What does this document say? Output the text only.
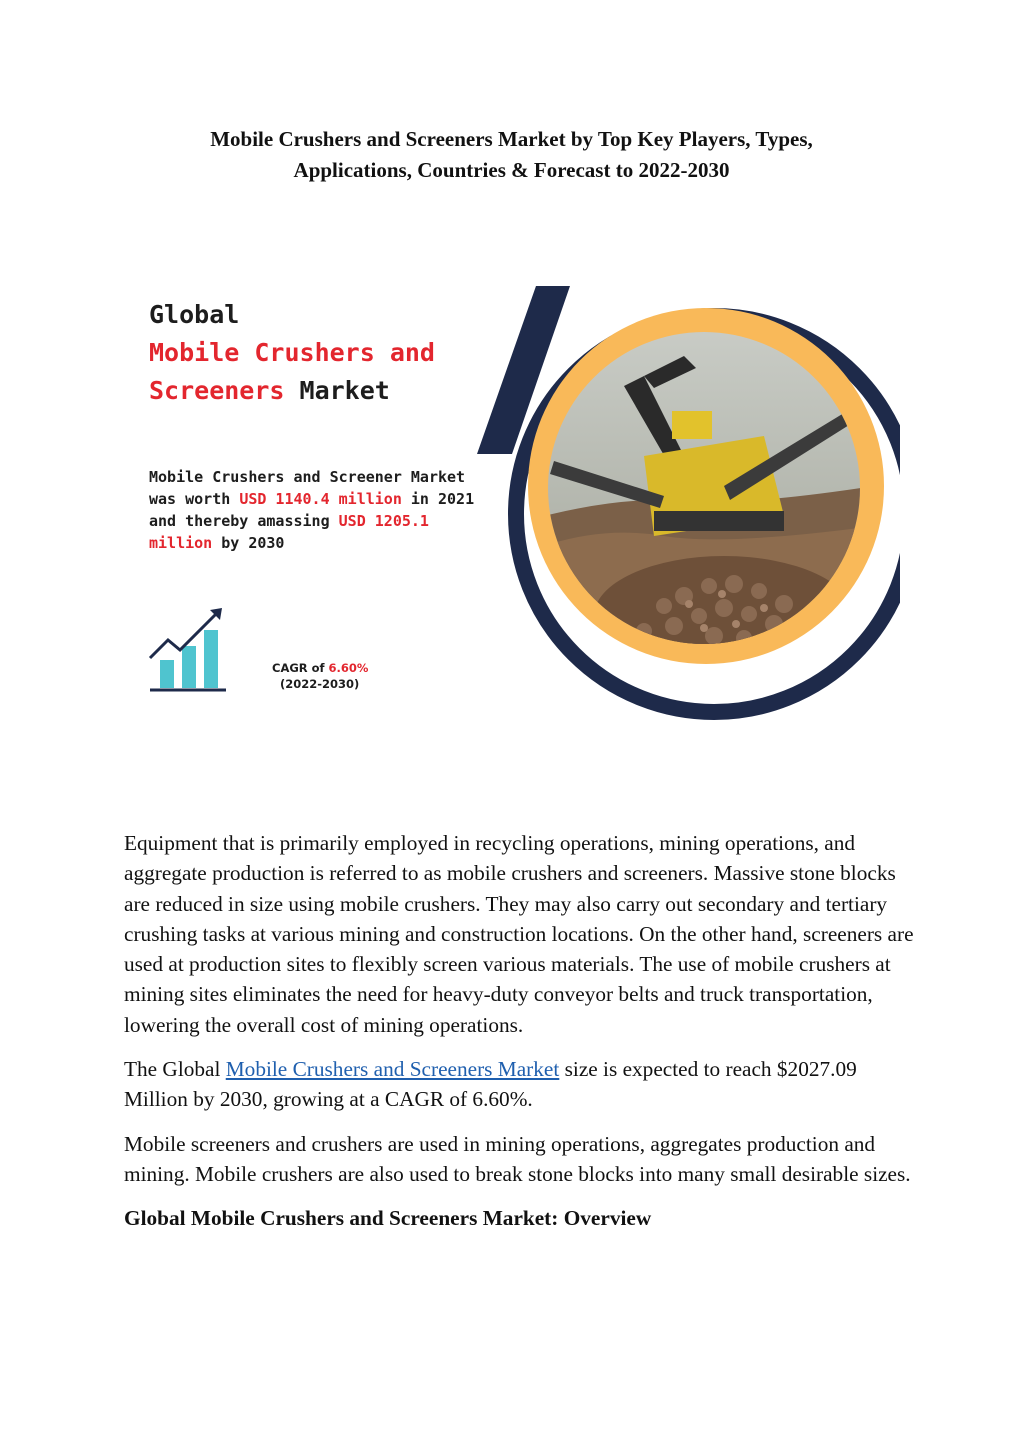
Mobile Crushers and Screeners Market by Top Key Players, Types,
Applications, Countries & Forecast to 2022-2030
Global
Mobile Crushers and
Screeners Market
Mobile Crushers and Screener Market was worth USD 1140.4 million in 2021 and thereby amassing USD 1205.1 million by 2030
CAGR of 6.60%
(2022-2030)

Equipment that is primarily employed in recycling operations, mining operations, and aggregate production is referred to as mobile crushers and screeners. Massive stone blocks are reduced in size using mobile crushers. They may also carry out secondary and tertiary crushing tasks at various mining and construction locations. On the other hand, screeners are used at production sites to flexibly screen various materials. The use of mobile crushers at mining sites eliminates the need for heavy-duty conveyor belts and truck transportation, lowering the overall cost of mining operations.

The Global Mobile Crushers and Screeners Market size is expected to reach $2027.09 Million by 2030, growing at a CAGR of 6.60%.

Mobile screeners and crushers are used in mining operations, aggregates production and mining. Mobile crushers are also used to break stone blocks into many small desirable sizes.

Global Mobile Crushers and Screeners Market: Overview
